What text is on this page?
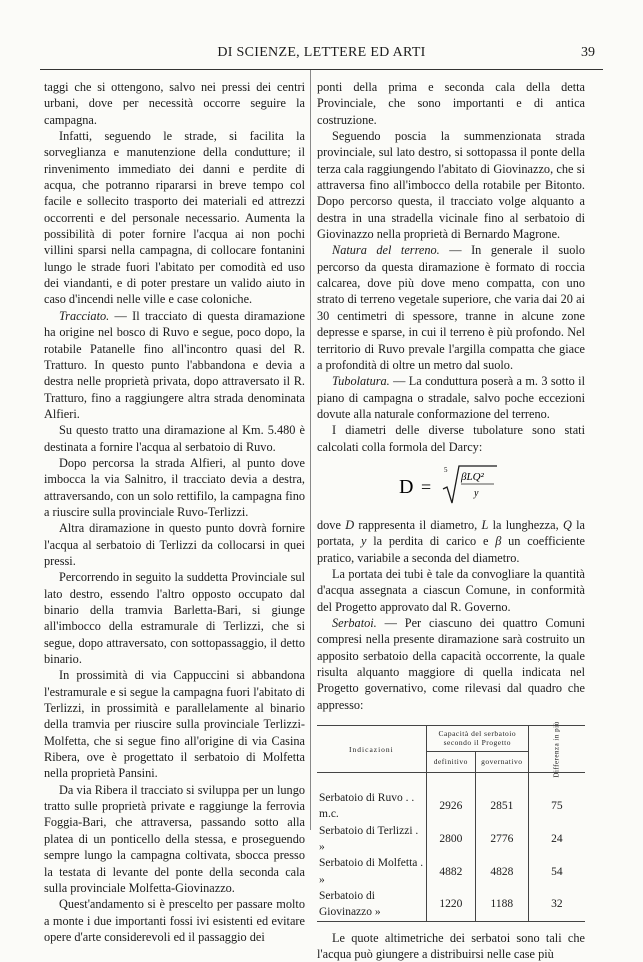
DI SCIENZE, LETTERE ED ARTI	39

taggi che si ottengono, salvo nei pressi dei centri urbani, dove per necessità occorre seguire la campagna.

Infatti, seguendo le strade, si facilita la sorveglianza e manutenzione della condutture; il rinvenimento immediato dei danni e perdite di acqua, che potranno ripararsi in breve tempo col facile e sollecito trasporto dei materiali ed attrezzi occorrenti e del personale necessario. Aumenta la possibilità di poter fornire l'acqua ai non pochi villini sparsi nella campagna, di collocare fontanini lungo le strade fuori l'abitato per comodità ed uso dei viandanti, e di poter prestare un valido aiuto in caso d'incendi nelle ville e case coloniche.

Tracciato. — Il tracciato di questa diramazione ha origine nel bosco di Ruvo e segue, poco dopo, la rotabile Patanelle fino all'incontro quasi del R. Tratturo. In questo punto l'abbandona e devia a destra nelle proprietà privata, dopo attraversato il R. Tratturo, fino a raggiungere altra strada denominata Alfieri.

Su questo tratto una diramazione al Km. 5.480 è destinata a fornire l'acqua al serbatoio di Ruvo.

Dopo percorsa la strada Alfieri, al punto dove imbocca la via Salnitro, il tracciato devia a destra, attraversando, con un solo rettifilo, la campagna fino a riuscire sulla provinciale Ruvo-Terlizzi.

Altra diramazione in questo punto dovrà fornire l'acqua al serbatoio di Terlizzi da collocarsi in quei pressi.

Percorrendo in seguito la suddetta Provinciale sul lato destro, essendo l'altro opposto occupato dal binario della tramvia Barletta-Bari, si giunge all'imbocco della estramurale di Terlizzi, che si segue, dopo attraversato, con sottopassaggio, il detto binario.

In prossimità di via Cappuccini si abbandona l'estramurale e si segue la campagna fuori l'abitato di Terlizzi, in prossimità e parallelamente al binario della tramvia per riuscire sulla provinciale Terlizzi-Molfetta, che si segue fino all'origine di via Casina Ribera, ove è progettato il serbatoio di Molfetta nella proprietà Pansini.

Da via Ribera il tracciato si sviluppa per un lungo tratto sulle proprietà private e raggiunge la ferrovia Foggia-Bari, che attraversa, passando sotto alla platea di un ponticello della stessa, e proseguendo sempre lungo la campagna coltivata, sbocca presso la testata di levante del ponte della seconda cala sulla provinciale Molfetta-Giovinazzo.

Quest'andamento si è prescelto per passare molto a monte i due importanti fossi ivi esistenti ed evitare opere d'arte considerevoli ed il passaggio dei

ponti della prima e seconda cala della detta Provinciale, che sono importanti e di antica costruzione.

Seguendo poscia la summenzionata strada provinciale, sul lato destro, si sottopassa il ponte della terza cala raggiungendo l'abitato di Giovinazzo, che si attraversa fino all'imbocco della rotabile per Bitonto. Dopo percorso questa, il tracciato volge alquanto a destra in una stradella vicinale fino al serbatoio di Giovinazzo nella proprietà di Bernardo Magrone.

Natura del terreno. — In generale il suolo percorso da questa diramazione è formato di roccia calcarea, dove più dove meno compatta, con uno strato di terreno vegetale superiore, che varia dai 20 ai 30 centimetri di spessore, tranne in alcune zone depresse e sparse, in cui il terreno è più profondo. Nel territorio di Ruvo prevale l'argilla compatta che giace a profondità di oltre un metro dal suolo.

Tubolatura. — La conduttura poserà a m. 3 sotto il piano di campagna o stradale, salvo poche eccezioni dovute alla naturale conformazione del terreno.

I diametri delle diverse tubolature sono stati calcolati colla formola del Darcy:

D =
5
βLQ²
y

dove D rappresenta il diametro, L la lunghezza, Q la portata, y la perdita di carico e β un coefficiente pratico, variabile a seconda del diametro.

La portata dei tubi è tale da convogliare la quantità d'acqua assegnata a ciascun Comune, in conformità del Progetto approvato dal R. Governo.

Serbatoi. — Per ciascuno dei quattro Comuni compresi nella presente diramazione sarà costruito un apposito serbatoio della capacità occorrente, la quale risulta alquanto maggiore di quella indicata nel Progetto governativo, come rilevasi dal quadro che appresso:

Indicazioni	Capacità del serbatoio secondo il Progetto		Differenza in più
	definitivo	governativo	

Serbatoio di Ruvo . . m.c.	2926	2851	75
Serbatoio di Terlizzi . »	2800	2776	24
Serbatoio di Molfetta . »	4882	4828	54
Serbatoio di Giovinazzo »	1220	1188	32

Le quote altimetriche dei serbatoi sono tali che l'acqua può giungere a distribuirsi nelle case più
